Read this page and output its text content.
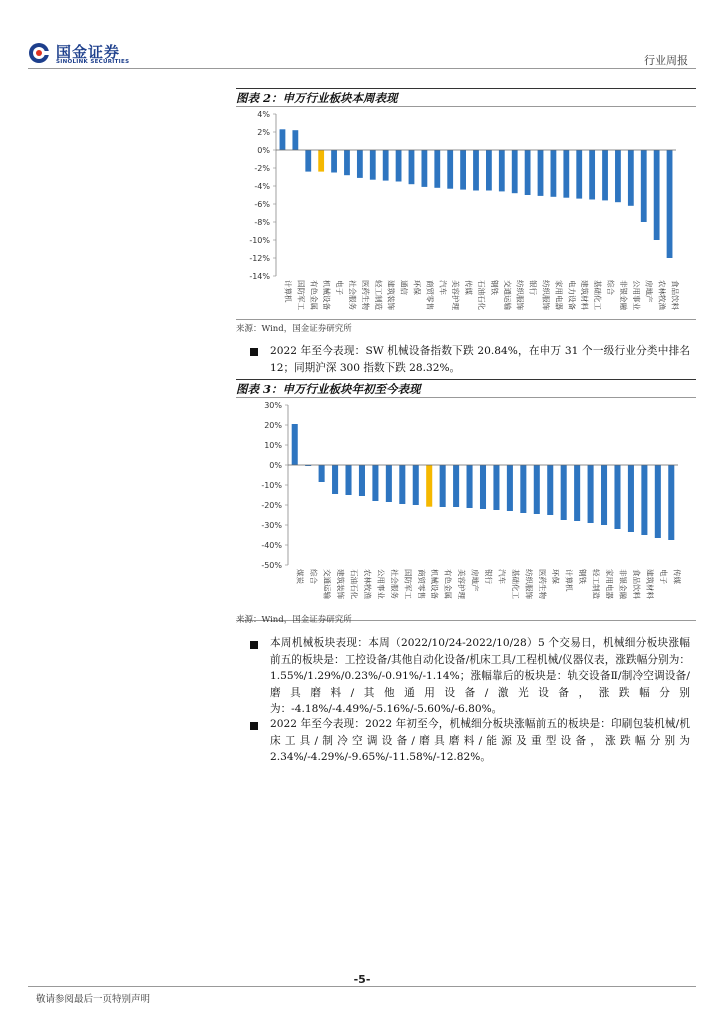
国金证券
SINOLINK SECURITIES	行业周报
图表 2：申万行业板块本周表现
4%
2%
0%
-2%
-4%
-6%
-8%
-10%
-12%
-14%
计算机 国防军工 有色金属 机械设备 电子 社会服务 医药生物 轻工制造 建筑装饰 通信 环保 商贸零售 汽车 美容护理 传媒 石油石化 钢铁 交通运输 纺织服饰 银行 纺织服饰 家用电器 电力设备 建筑材料 基础化工 综合 非银金融 公用事业 房地产 农林牧渔 食品饮料
来源：Wind，国金证券研究所
2022 年至今表现：SW 机械设备指数下跌 20.84%，在申万 31 个一级行业分类中排名 12；同期沪深 300 指数下跌 28.32%。
图表 3：申万行业板块年初至今表现
30%
20%
10%
0%
-10%
-20%
-30%
-40%
-50%
煤炭 综合 交通运输 建筑装饰 石油石化 农林牧渔 公用事业 社会服务 国防军工 商贸零售 机械设备 有色金属 美容护理 房地产 银行 汽车 基础化工 纺织服饰 医药生物 环保 计算机 钢铁 轻工制造 家用电器 非银金融 食品饮料 建筑材料 电子 传媒
来源：Wind，国金证券研究所
本周机械板块表现：本周（2022/10/24-2022/10/28）5 个交易日，机械细分板块涨幅前五的板块是：工控设备/其他自动化设备/机床工具/工程机械/仪器仪表，涨跌幅分别为：1.55%/1.29%/0.23%/-0.91%/-1.14%；涨幅靠后的板块是：轨交设备Ⅱ/制冷空调设备/磨具磨料/其他通用设备/激光设备，涨跌幅分别为：-4.18%/-4.49%/-5.16%/-5.60%/-6.80%。
2022 年至今表现：2022 年初至今，机械细分板块涨幅前五的板块是：印刷包装机械/机床工具/制冷空调设备/磨具磨料/能源及重型设备，涨跌幅分别为 2.34%/-4.29%/-9.65%/-11.58%/-12.82%。
-5-
敬请参阅最后一页特别声明
